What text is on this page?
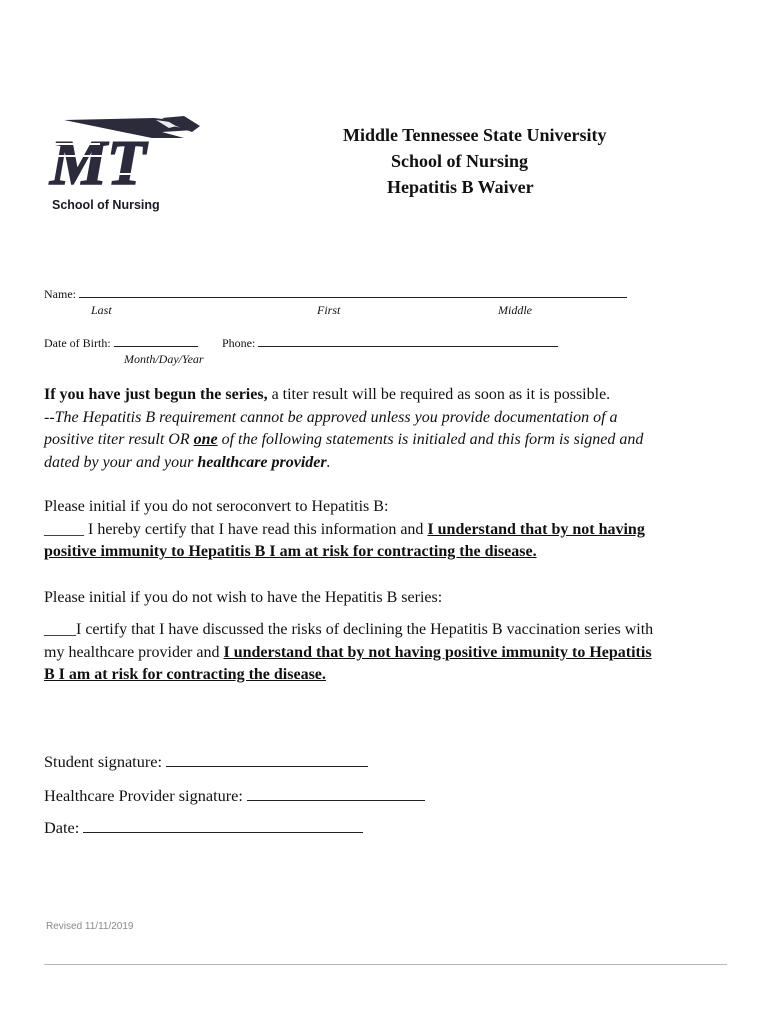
MT
School of Nursing
Middle Tennessee State University
School of Nursing
Hepatitis B Waiver
Name:
Last	First	Middle
Date of Birth:	Phone:
Month/Day/Year
If you have just begun the series, a titer result will be required as soon as it is possible.
--The Hepatitis B requirement cannot be approved unless you provide documentation of a
positive titer result OR one of the following statements is initialed and this form is signed and
dated by your and your healthcare provider.
Please initial if you do not seroconvert to Hepatitis B:
_____ I hereby certify that I have read this information and I understand that by not having
positive immunity to Hepatitis B I am at risk for contracting the disease.
Please initial if you do not wish to have the Hepatitis B series:
____I certify that I have discussed the risks of declining the Hepatitis B vaccination series with
my healthcare provider and I understand that by not having positive immunity to Hepatitis
B I am at risk for contracting the disease.
Student signature:
Healthcare Provider signature:
Date:
Revised 11/11/2019
